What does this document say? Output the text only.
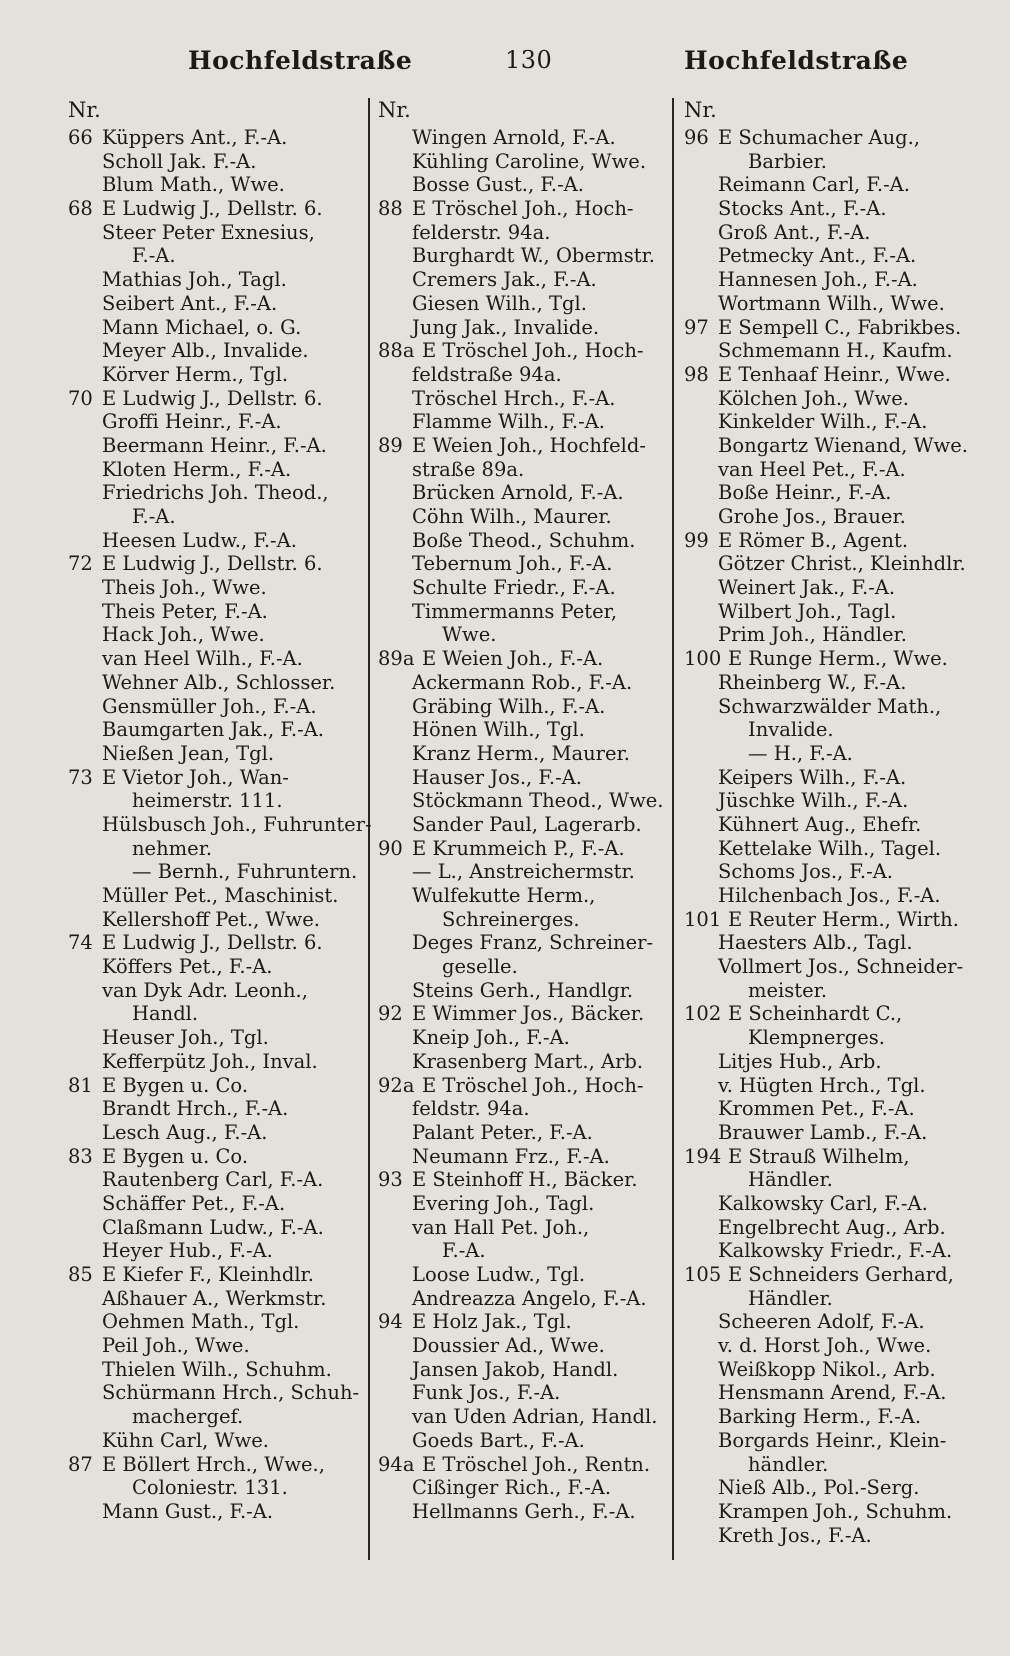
Hochfeldstraße	130	Hochfeldstraße
Nr.
66 Küppers Ant., F.-A.
Scholl Jak. F.-A.
Blum Math., Wwe.
68 E Ludwig J., Dellstr. 6.
Steer Peter Exnesius,
F.-A.
Mathias Joh., Tagl.
Seibert Ant., F.-A.
Mann Michael, o. G.
Meyer Alb., Invalide.
Körver Herm., Tgl.
70 E Ludwig J., Dellstr. 6.
Groffi Heinr., F.-A.
Beermann Heinr., F.-A.
Kloten Herm., F.-A.
Friedrichs Joh. Theod.,
F.-A.
Heesen Ludw., F.-A.
72 E Ludwig J., Dellstr. 6.
Theis Joh., Wwe.
Theis Peter, F.-A.
Hack Joh., Wwe.
van Heel Wilh., F.-A.
Wehner Alb., Schlosser.
Gensmüller Joh., F.-A.
Baumgarten Jak., F.-A.
Nießen Jean, Tgl.
73 E Vietor Joh., Wan-
heimerstr. 111.
Hülsbusch Joh., Fuhrunter-
nehmer.
— Bernh., Fuhruntern.
Müller Pet., Maschinist.
Kellershoff Pet., Wwe.
74 E Ludwig J., Dellstr. 6.
Köffers Pet., F.-A.
van Dyk Adr. Leonh.,
Handl.
Heuser Joh., Tgl.
Kefferpütz Joh., Inval.
81 E Bygen u. Co.
Brandt Hrch., F.-A.
Lesch Aug., F.-A.
83 E Bygen u. Co.
Rautenberg Carl, F.-A.
Schäffer Pet., F.-A.
Claßmann Ludw., F.-A.
Heyer Hub., F.-A.
85 E Kiefer F., Kleinhdlr.
Aßhauer A., Werkmstr.
Oehmen Math., Tgl.
Peil Joh., Wwe.
Thielen Wilh., Schuhm.
Schürmann Hrch., Schuh-
machergef.
Kühn Carl, Wwe.
87 E Böllert Hrch., Wwe.,
Coloniestr. 131.
Mann Gust., F.-A.
Nr.
Wingen Arnold, F.-A.
Kühling Caroline, Wwe.
Bosse Gust., F.-A.
88 E Tröschel Joh., Hoch-
felderstr. 94a.
Burghardt W., Obermstr.
Cremers Jak., F.-A.
Giesen Wilh., Tgl.
Jung Jak., Invalide.
88a E Tröschel Joh., Hoch-
feldstraße 94a.
Tröschel Hrch., F.-A.
Flamme Wilh., F.-A.
89 E Weien Joh., Hochfeld-
straße 89a.
Brücken Arnold, F.-A.
Cöhn Wilh., Maurer.
Boße Theod., Schuhm.
Tebernum Joh., F.-A.
Schulte Friedr., F.-A.
Timmermanns Peter,
Wwe.
89a E Weien Joh., F.-A.
Ackermann Rob., F.-A.
Gräbing Wilh., F.-A.
Hönen Wilh., Tgl.
Kranz Herm., Maurer.
Hauser Jos., F.-A.
Stöckmann Theod., Wwe.
Sander Paul, Lagerarb.
90 E Krummeich P., F.-A.
— L., Anstreichermstr.
Wulfekutte Herm.,
Schreinerges.
Deges Franz, Schreiner-
geselle.
Steins Gerh., Handlgr.
92 E Wimmer Jos., Bäcker.
Kneip Joh., F.-A.
Krasenberg Mart., Arb.
92a E Tröschel Joh., Hoch-
feldstr. 94a.
Palant Peter., F.-A.
Neumann Frz., F.-A.
93 E Steinhoff H., Bäcker.
Evering Joh., Tagl.
van Hall Pet. Joh.,
F.-A.
Loose Ludw., Tgl.
Andreazza Angelo, F.-A.
94 E Holz Jak., Tgl.
Doussier Ad., Wwe.
Jansen Jakob, Handl.
Funk Jos., F.-A.
van Uden Adrian, Handl.
Goeds Bart., F.-A.
94a E Tröschel Joh., Rentn.
Cißinger Rich., F.-A.
Hellmanns Gerh., F.-A.
Nr.
96 E Schumacher Aug.,
Barbier.
Reimann Carl, F.-A.
Stocks Ant., F.-A.
Groß Ant., F.-A.
Petmecky Ant., F.-A.
Hannesen Joh., F.-A.
Wortmann Wilh., Wwe.
97 E Sempell C., Fabrikbes.
Schmemann H., Kaufm.
98 E Tenhaaf Heinr., Wwe.
Kölchen Joh., Wwe.
Kinkelder Wilh., F.-A.
Bongartz Wienand, Wwe.
van Heel Pet., F.-A.
Boße Heinr., F.-A.
Grohe Jos., Brauer.
99 E Römer B., Agent.
Götzer Christ., Kleinhdlr.
Weinert Jak., F.-A.
Wilbert Joh., Tagl.
Prim Joh., Händler.
100 E Runge Herm., Wwe.
Rheinberg W., F.-A.
Schwarzwälder Math.,
Invalide.
— H., F.-A.
Keipers Wilh., F.-A.
Jüschke Wilh., F.-A.
Kühnert Aug., Ehefr.
Kettelake Wilh., Tagel.
Schoms Jos., F.-A.
Hilchenbach Jos., F.-A.
101 E Reuter Herm., Wirth.
Haesters Alb., Tagl.
Vollmert Jos., Schneider-
meister.
102 E Scheinhardt C.,
Klempnerges.
Litjes Hub., Arb.
v. Hügten Hrch., Tgl.
Krommen Pet., F.-A.
Brauwer Lamb., F.-A.
194 E Strauß Wilhelm,
Händler.
Kalkowsky Carl, F.-A.
Engelbrecht Aug., Arb.
Kalkowsky Friedr., F.-A.
105 E Schneiders Gerhard,
Händler.
Scheeren Adolf, F.-A.
v. d. Horst Joh., Wwe.
Weißkopp Nikol., Arb.
Hensmann Arend, F.-A.
Barking Herm., F.-A.
Borgards Heinr., Klein-
händler.
Nieß Alb., Pol.-Serg.
Krampen Joh., Schuhm.
Kreth Jos., F.-A.
